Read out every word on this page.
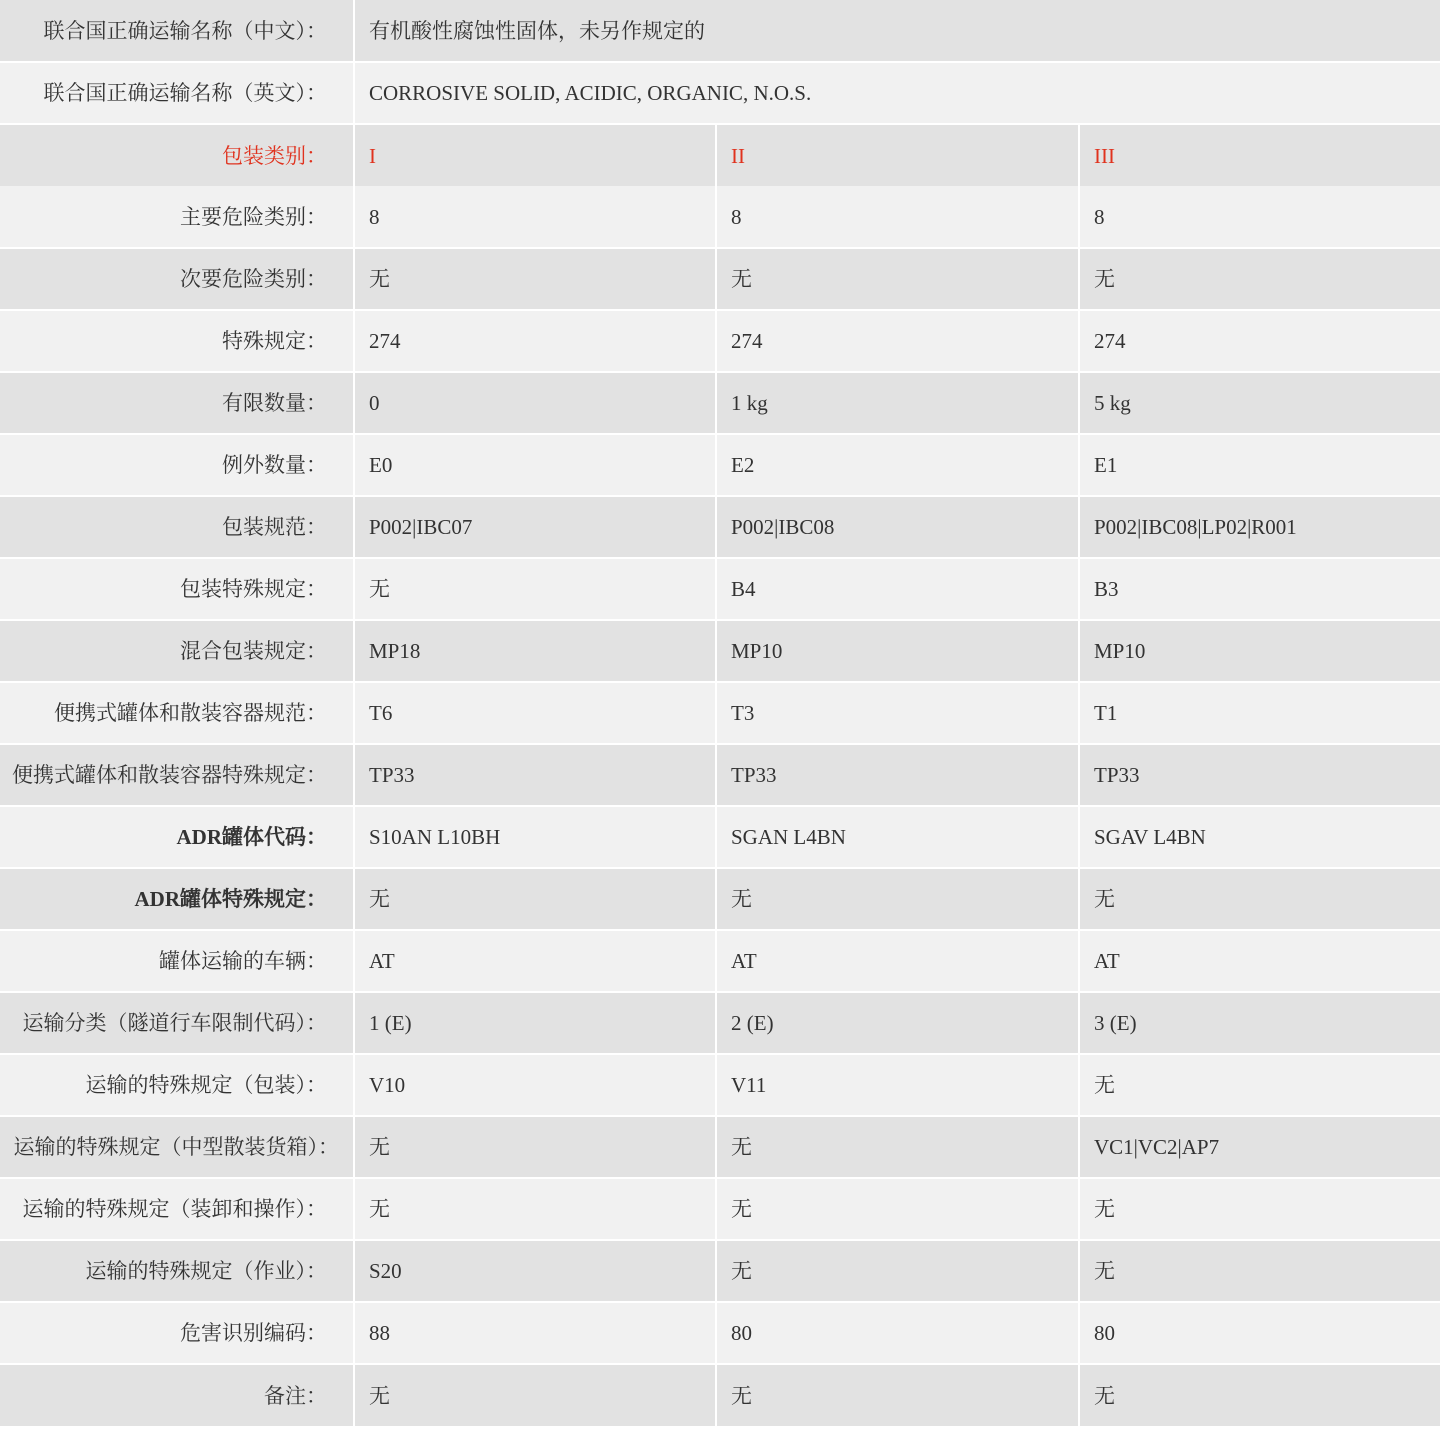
联合国正确运输名称（中文）：	有机酸性腐蚀性固体，未另作规定的		
联合国正确运输名称（英文）：	CORROSIVE SOLID, ACIDIC, ORGANIC, N.O.S.		
包装类别：	I	II	III
主要危险类别：	8	8	8
次要危险类别：	无	无	无
特殊规定：	274	274	274
有限数量：	0	1 kg	5 kg
例外数量：	E0	E2	E1
包装规范：	P002|IBC07	P002|IBC08	P002|IBC08|LP02|R001
包装特殊规定：	无	B4	B3
混合包装规定：	MP18	MP10	MP10
便携式罐体和散装容器规范：	T6	T3	T1
便携式罐体和散装容器特殊规定：	TP33	TP33	TP33
ADR罐体代码：	S10AN L10BH	SGAN L4BN	SGAV L4BN
ADR罐体特殊规定：	无	无	无
罐体运输的车辆：	AT	AT	AT
运输分类（隧道行车限制代码）：	1 (E)	2 (E)	3 (E)
运输的特殊规定（包装）：	V10	V11	无
运输的特殊规定（中型散装货箱）：	无	无	VC1|VC2|AP7
运输的特殊规定（装卸和操作）：	无	无	无
运输的特殊规定（作业）：	S20	无	无
危害识别编码：	88	80	80
备注：	无	无	无
